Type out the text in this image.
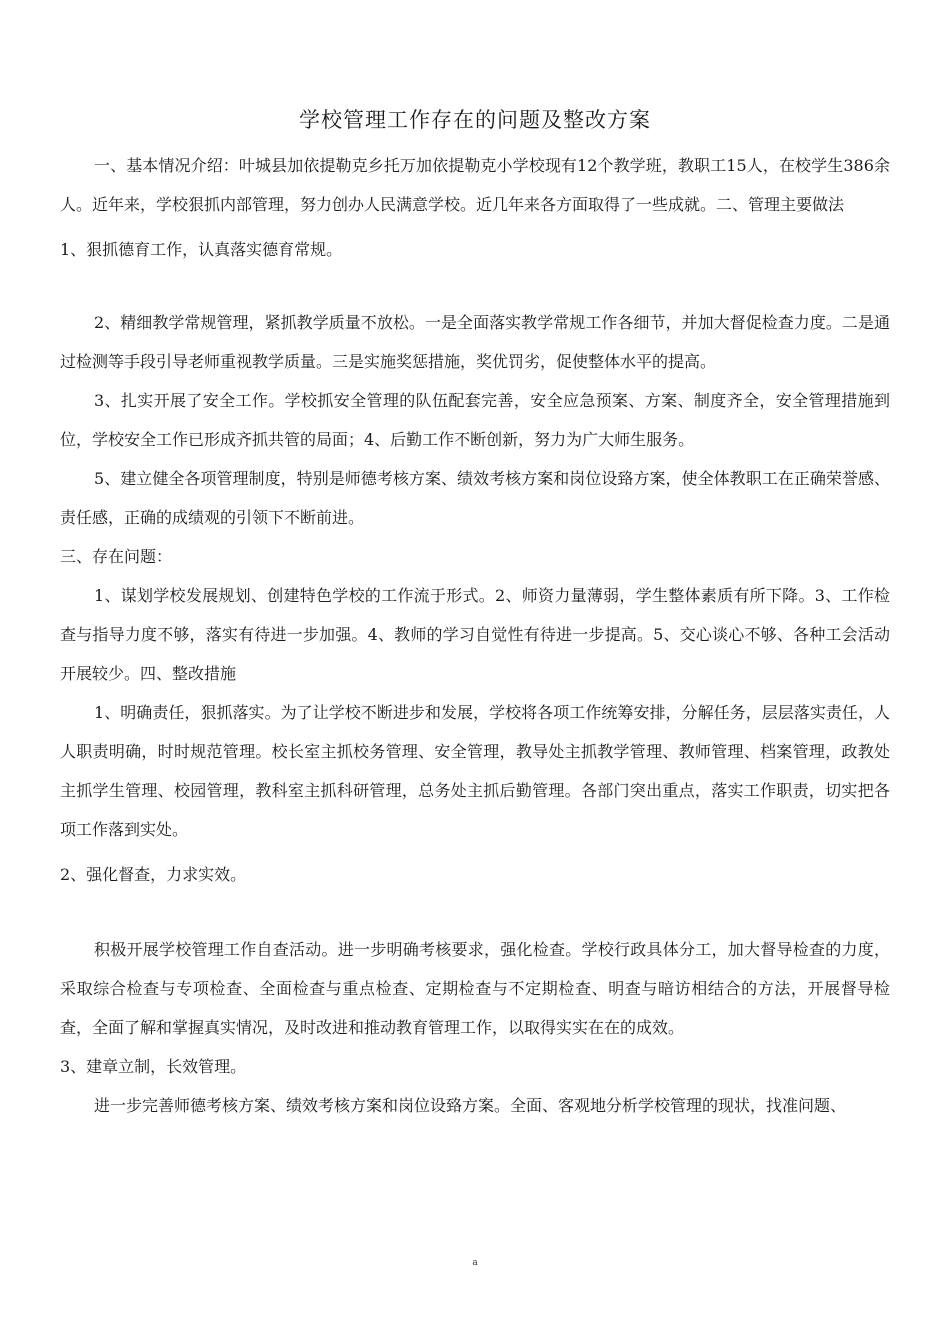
学校管理工作存在的问题及整改方案

一、基本情况介绍：叶城县加依提勒克乡托万加依提勒克小学校现有12个教学班，教职工15人，在校学生386余人。近年来，学校狠抓内部管理，努力创办人民满意学校。近几年来各方面取得了一些成就。二、管理主要做法

1、狠抓德育工作，认真落实德育常规。

2、精细教学常规管理，紧抓教学质量不放松。一是全面落实教学常规工作各细节，并加大督促检查力度。二是通过检测等手段引导老师重视教学质量。三是实施奖惩措施，奖优罚劣，促使整体水平的提高。

3、扎实开展了安全工作。学校抓安全管理的队伍配套完善，安全应急预案、方案、制度齐全，安全管理措施到位，学校安全工作已形成齐抓共管的局面；4、后勤工作不断创新，努力为广大师生服务。

5、建立健全各项管理制度，特别是师德考核方案、绩效考核方案和岗位设臵方案，使全体教职工在正确荣誉感、责任感，正确的成绩观的引领下不断前进。

三、存在问题：

1、谋划学校发展规划、创建特色学校的工作流于形式。2、师资力量薄弱，学生整体素质有所下降。3、工作检查与指导力度不够，落实有待进一步加强。4、教师的学习自觉性有待进一步提高。5、交心谈心不够、各种工会活动开展较少。四、整改措施

1、明确责任，狠抓落实。为了让学校不断进步和发展，学校将各项工作统筹安排，分解任务，层层落实责任，人人职责明确，时时规范管理。校长室主抓校务管理、安全管理，教导处主抓教学管理、教师管理、档案管理，政教处主抓学生管理、校园管理，教科室主抓科研管理，总务处主抓后勤管理。各部门突出重点，落实工作职责，切实把各项工作落到实处。

2、强化督查，力求实效。

积极开展学校管理工作自查活动。进一步明确考核要求，强化检查。学校行政具体分工，加大督导检查的力度，采取综合检查与专项检查、全面检查与重点检查、定期检查与不定期检查、明查与暗访相结合的方法，开展督导检查，全面了解和掌握真实情况，及时改进和推动教育管理工作，以取得实实在在的成效。

3、建章立制，长效管理。

进一步完善师德考核方案、绩效考核方案和岗位设臵方案。全面、客观地分析学校管理的现状，找准问题、

a
